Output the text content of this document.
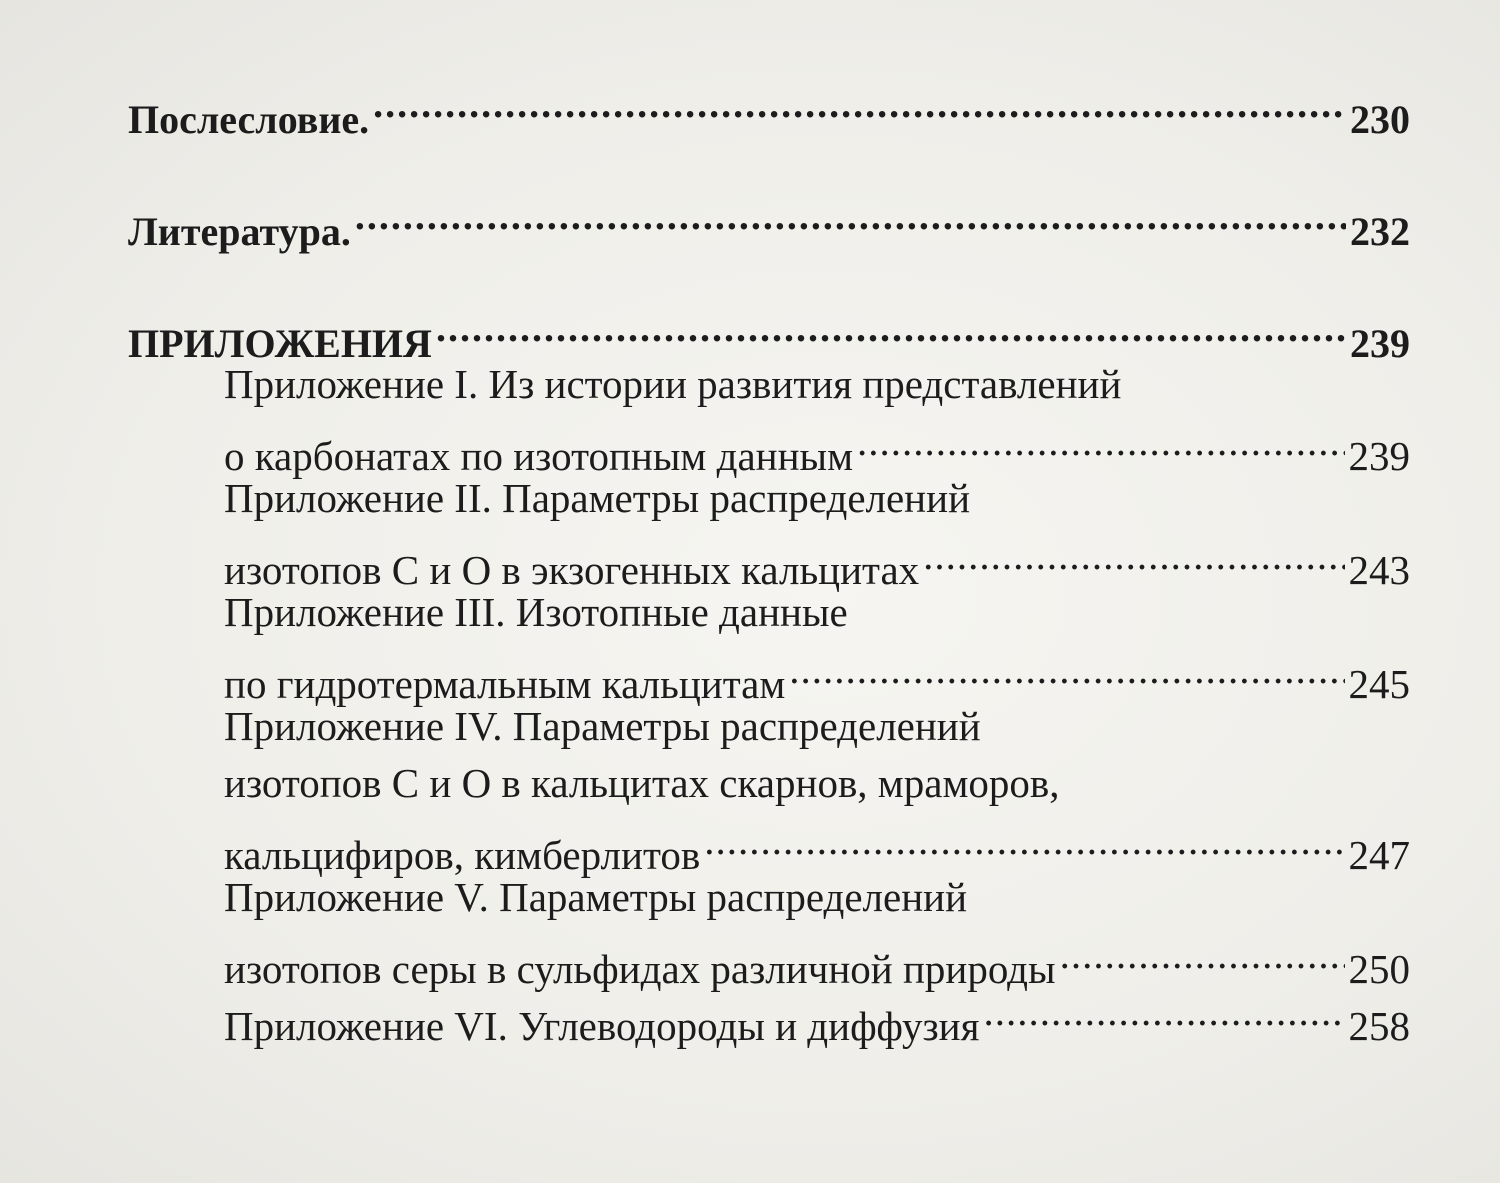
Послесловие. .....	230
Литература. .....	232
ПРИЛОЖЕНИЯ .....	239
Приложение I. Из истории развития представлений
о карбонатах по изотопным данным .....	239
Приложение II. Параметры распределений
изотопов С и О в экзогенных кальцитах .....	243
Приложение III. Изотопные данные
по гидротермальным кальцитам .....	245
Приложение IV. Параметры распределений
изотопов С и О в кальцитах скарнов, мраморов,
кальцифиров, кимберлитов .....	247
Приложение V. Параметры распределений
изотопов серы в сульфидах различной природы .....	250
Приложение VI. Углеводороды и диффузия .....	258
